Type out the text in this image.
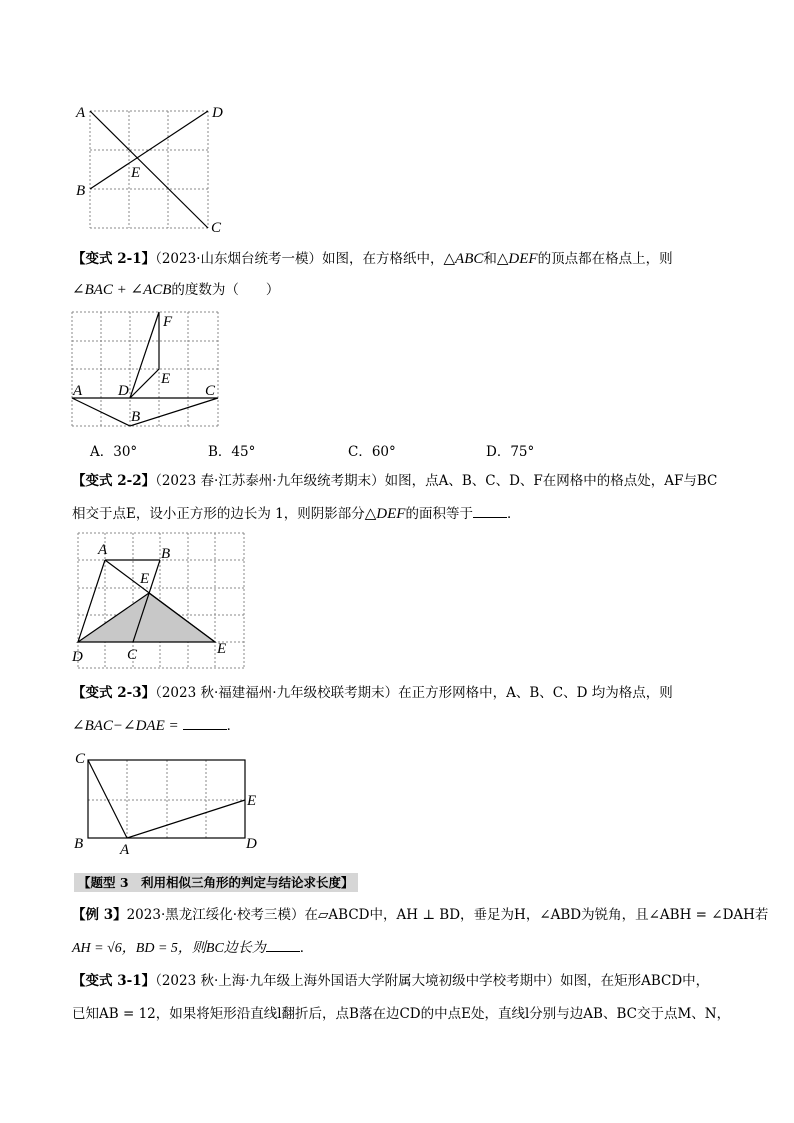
A	D
B
E
C
【变式 2-1】（2023·山东烟台统考一模）如图，在方格纸中，△ABC和△DEF的顶点都在格点上，则
∠BAC + ∠ACB的度数为（　　）
F
E
A D	C
B
A．30°	B．45°	C．60°	D．75°
【变式 2-2】（2023 春·江苏泰州·九年级统考期末）如图，点A、B、C、D、F在网格中的格点处，AF与BC
相交于点E，设小正方形的边长为 1，则阴影部分△DEF的面积等于	．
A	B
E
D	C	E
【变式 2-3】（2023 秋·福建福州·九年级校联考期末）在正方形网格中，A、B、C、D 均为格点，则
∠BAC−∠DAE =	．
C
E
B A	D
【题型 3　利用相似三角形的判定与结论求长度】
【例 3】2023·黑龙江绥化·校考三模）在▱ABCD中，AH ⊥ BD，垂足为H，∠ABD为锐角，且∠ABH = ∠DAH若
AH = √6，BD = 5，则BC边长为	．
【变式 3-1】（2023 秋·上海·九年级上海外国语大学附属大境初级中学校考期中）如图，在矩形ABCD中，
已知AB = 12，如果将矩形沿直线l翻折后，点B落在边CD的中点E处，直线l分别与边AB、BC交于点M、N，
